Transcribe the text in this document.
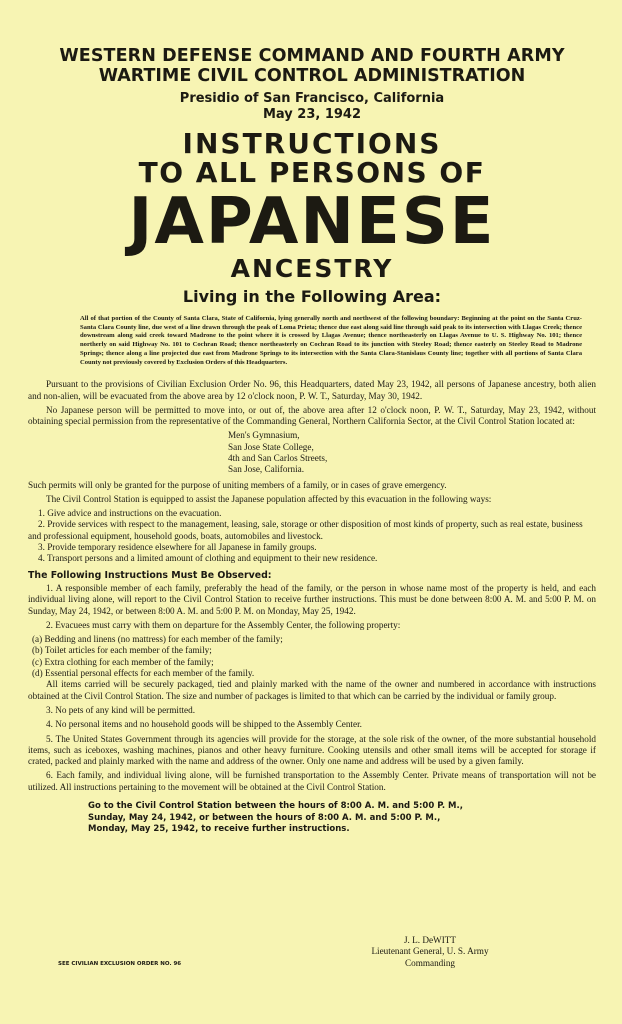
WESTERN DEFENSE COMMAND AND FOURTH ARMY
WARTIME CIVIL CONTROL ADMINISTRATION
Presidio of San Francisco, California
May 23, 1942
INSTRUCTIONS
TO ALL PERSONS OF
JAPANESE
ANCESTRY
Living in the Following Area:
All of that portion of the County of Santa Clara, State of California, lying generally north and northwest of the following boundary: Beginning at the point on the Santa Cruz-Santa Clara County line, due west of a line drawn through the peak of Loma Prieta; thence due east along said line through said peak to its intersection with Llagas Creek; thence downstream along said creek toward Madrone to the point where it is crossed by Llagas Avenue; thence northeasterly on Llagas Avenue to U. S. Highway No. 101; thence northerly on said Highway No. 101 to Cochran Road; thence northeasterly on Cochran Road to its junction with Steeley Road; thence easterly on Steeley Road to Madrone Springs; thence along a line projected due east from Madrone Springs to its intersection with the Santa Clara-Stanislaus County line; together with all portions of Santa Clara County not previously covered by Exclusion Orders of this Headquarters.

Pursuant to the provisions of Civilian Exclusion Order No. 96, this Headquarters, dated May 23, 1942, all persons of Japanese ancestry, both alien and non-alien, will be evacuated from the above area by 12 o'clock noon, P. W. T., Saturday, May 30, 1942.

No Japanese person will be permitted to move into, or out of, the above area after 12 o'clock noon, P. W. T., Saturday, May 23, 1942, without obtaining special permission from the representative of the Commanding General, Northern California Sector, at the Civil Control Station located at:

Men's Gymnasium,
San Jose State College,
4th and San Carlos Streets,
San Jose, California.

Such permits will only be granted for the purpose of uniting members of a family, or in cases of grave emergency.

The Civil Control Station is equipped to assist the Japanese population affected by this evacuation in the following ways:

1. Give advice and instructions on the evacuation.
2. Provide services with respect to the management, leasing, sale, storage or other disposition of most kinds of property, such as real estate, business and professional equipment, household goods, boats, automobiles and livestock.
3. Provide temporary residence elsewhere for all Japanese in family groups.
4. Transport persons and a limited amount of clothing and equipment to their new residence.
The Following Instructions Must Be Observed:

1. A responsible member of each family, preferably the head of the family, or the person in whose name most of the property is held, and each individual living alone, will report to the Civil Control Station to receive further instructions. This must be done between 8:00 A. M. and 5:00 P. M. on Sunday, May 24, 1942, or between 8:00 A. M. and 5:00 P. M. on Monday, May 25, 1942.

2. Evacuees must carry with them on departure for the Assembly Center, the following property:

(a) Bedding and linens (no mattress) for each member of the family;
(b) Toilet articles for each member of the family;
(c) Extra clothing for each member of the family;
(d) Essential personal effects for each member of the family.

All items carried will be securely packaged, tied and plainly marked with the name of the owner and numbered in accordance with instructions obtained at the Civil Control Station. The size and number of packages is limited to that which can be carried by the individual or family group.

3. No pets of any kind will be permitted.

4. No personal items and no household goods will be shipped to the Assembly Center.

5. The United States Government through its agencies will provide for the storage, at the sole risk of the owner, of the more substantial household items, such as iceboxes, washing machines, pianos and other heavy furniture. Cooking utensils and other small items will be accepted for storage if crated, packed and plainly marked with the name and address of the owner. Only one name and address will be used by a given family.

6. Each family, and individual living alone, will be furnished transportation to the Assembly Center. Private means of transportation will not be utilized. All instructions pertaining to the movement will be obtained at the Civil Control Station.

Go to the Civil Control Station between the hours of 8:00 A. M. and 5:00 P. M.,
Sunday, May 24, 1942, or between the hours of 8:00 A. M. and 5:00 P. M.,
Monday, May 25, 1942, to receive further instructions.
J. L. DeWITT
Lieutenant General, U. S. Army
Commanding
SEE CIVILIAN EXCLUSION ORDER NO. 96
